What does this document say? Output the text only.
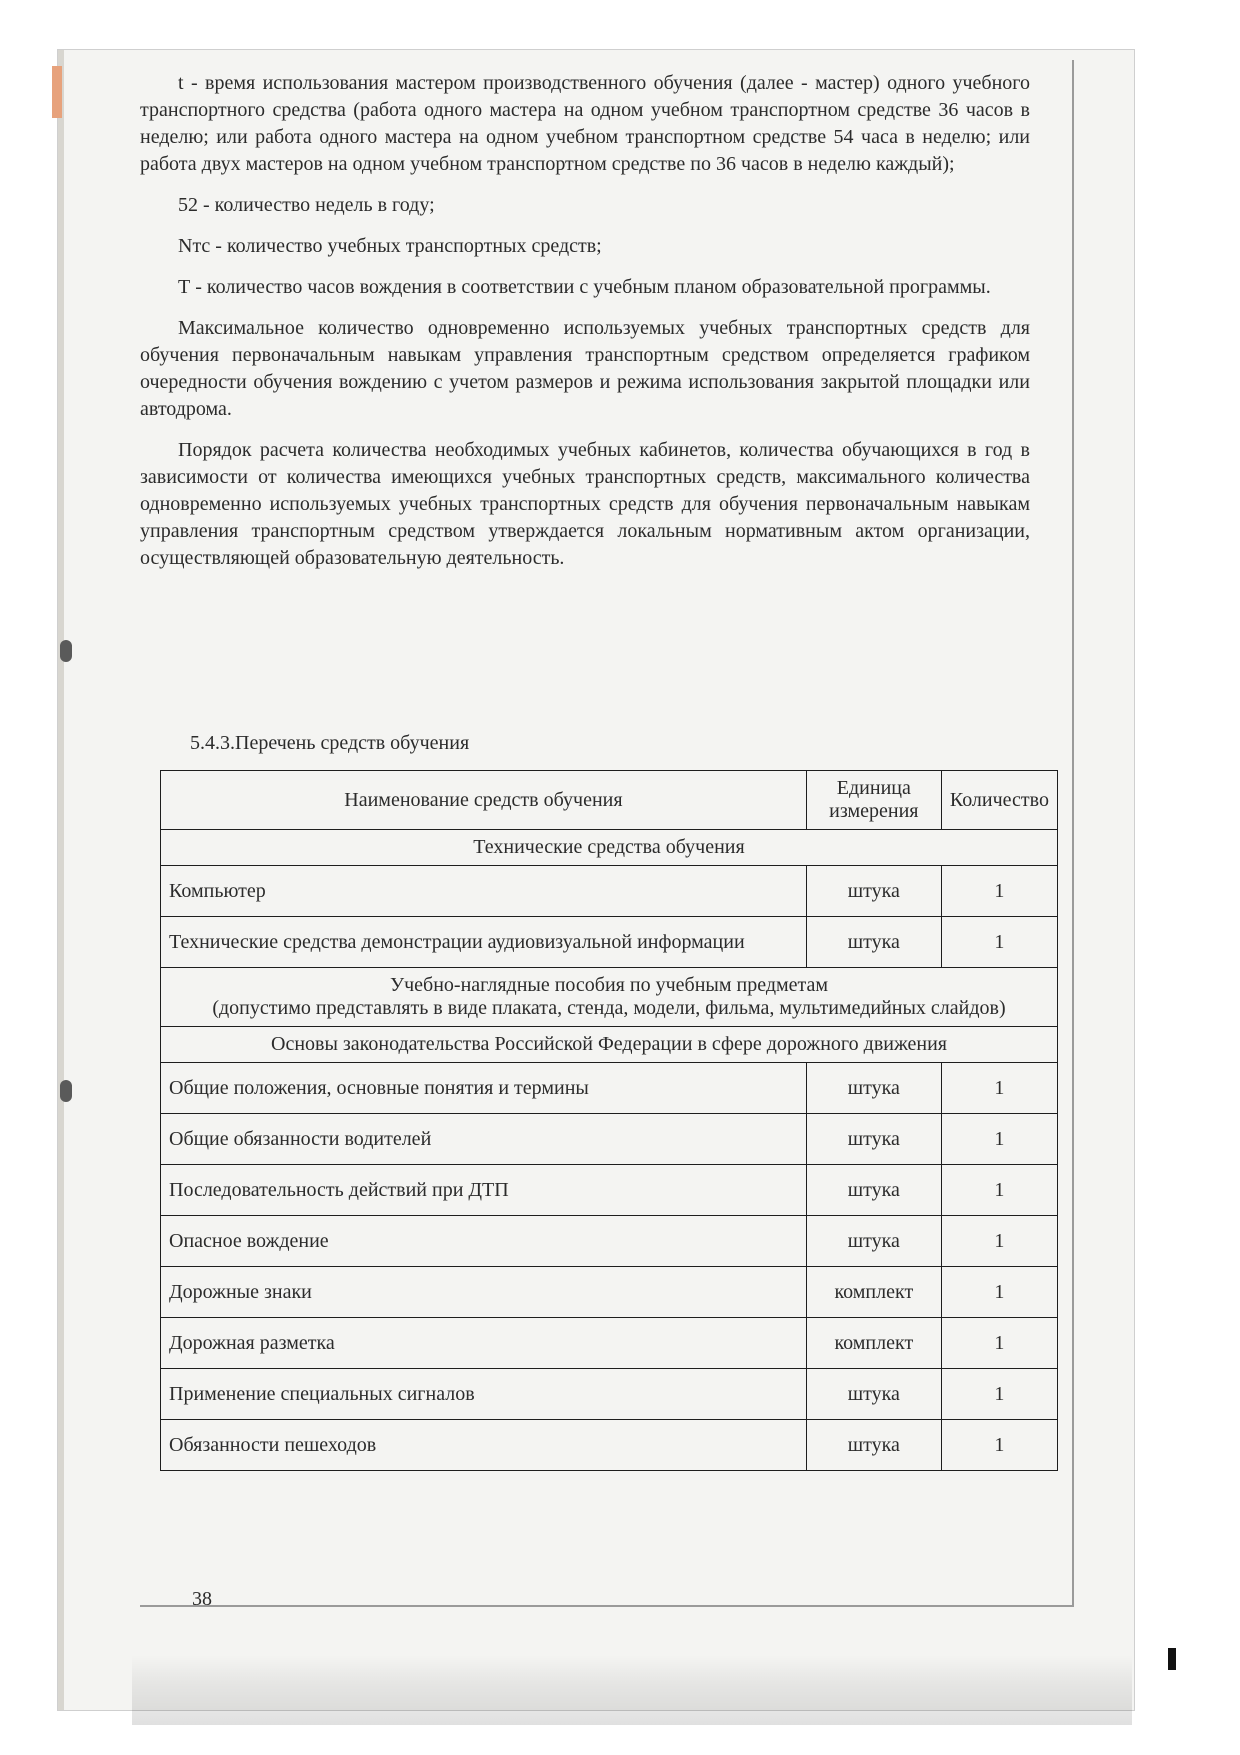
t - время использования мастером производственного обучения (далее - мастер) одного учебного транспортного средства (работа одного мастера на одном учебном транспортном средстве 36 часов в неделю; или работа одного мастера на одном учебном транспортном средстве 54 часа в неделю; или работа двух мастеров на одном учебном транспортном средстве по 36 часов в неделю каждый);

52 - количество недель в году;

Nтс - количество учебных транспортных средств;

Т - количество часов вождения в соответствии с учебным планом образовательной программы.

Максимальное количество одновременно используемых учебных транспортных средств для обучения первоначальным навыкам управления транспортным средством определяется графиком очередности обучения вождению с учетом размеров и режима использования закрытой площадки или автодрома.

Порядок расчета количества необходимых учебных кабинетов, количества обучающихся в год в зависимости от количества имеющихся учебных транспортных средств, максимального количества одновременно используемых учебных транспортных средств для обучения первоначальным навыкам управления транспортным средством утверждается локальным нормативным актом организации, осуществляющей образовательную деятельность.

5.4.3.Перечень средств обучения
Наименование средств обучения	Единица измерения	Количество
Технические средства обучения		
Компьютер	штука	1
Технические средства демонстрации аудиовизуальной информации	штука	1
Учебно-наглядные пособия по учебным предметам
(допустимо представлять в виде плаката, стенда, модели, фильма, мультимедийных слайдов)		
Основы законодательства Российской Федерации в сфере дорожного движения		
Общие положения, основные понятия и термины	штука	1
Общие обязанности водителей	штука	1
Последовательность действий при ДТП	штука	1
Опасное вождение	штука	1
Дорожные знаки	комплект	1
Дорожная разметка	комплект	1
Применение специальных сигналов	штука	1
Обязанности пешеходов	штука	1
38
